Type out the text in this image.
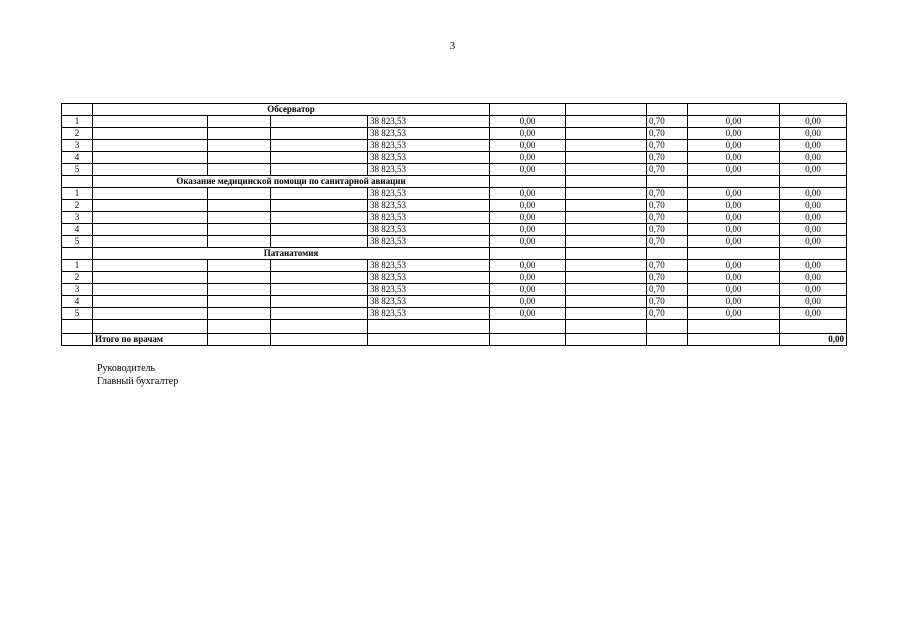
3
	Обсерватор								
1				38 823,53	0,00		0,70	0,00	0,00
2				38 823,53	0,00		0,70	0,00	0,00
3				38 823,53	0,00		0,70	0,00	0,00
4				38 823,53	0,00		0,70	0,00	0,00
5				38 823,53	0,00		0,70	0,00	0,00
	Оказание медицинской помощи по санитарной авиации								
1				38 823,53	0,00		0,70	0,00	0,00
2				38 823,53	0,00		0,70	0,00	0,00
3				38 823,53	0,00		0,70	0,00	0,00
4				38 823,53	0,00		0,70	0,00	0,00
5				38 823,53	0,00		0,70	0,00	0,00
	Патанатомия								
1				38 823,53	0,00		0,70	0,00	0,00
2				38 823,53	0,00		0,70	0,00	0,00
3				38 823,53	0,00		0,70	0,00	0,00
4				38 823,53	0,00		0,70	0,00	0,00
5				38 823,53	0,00		0,70	0,00	0,00

	Итого по врачам								0,00
Руководитель
Главный бухгалтер
